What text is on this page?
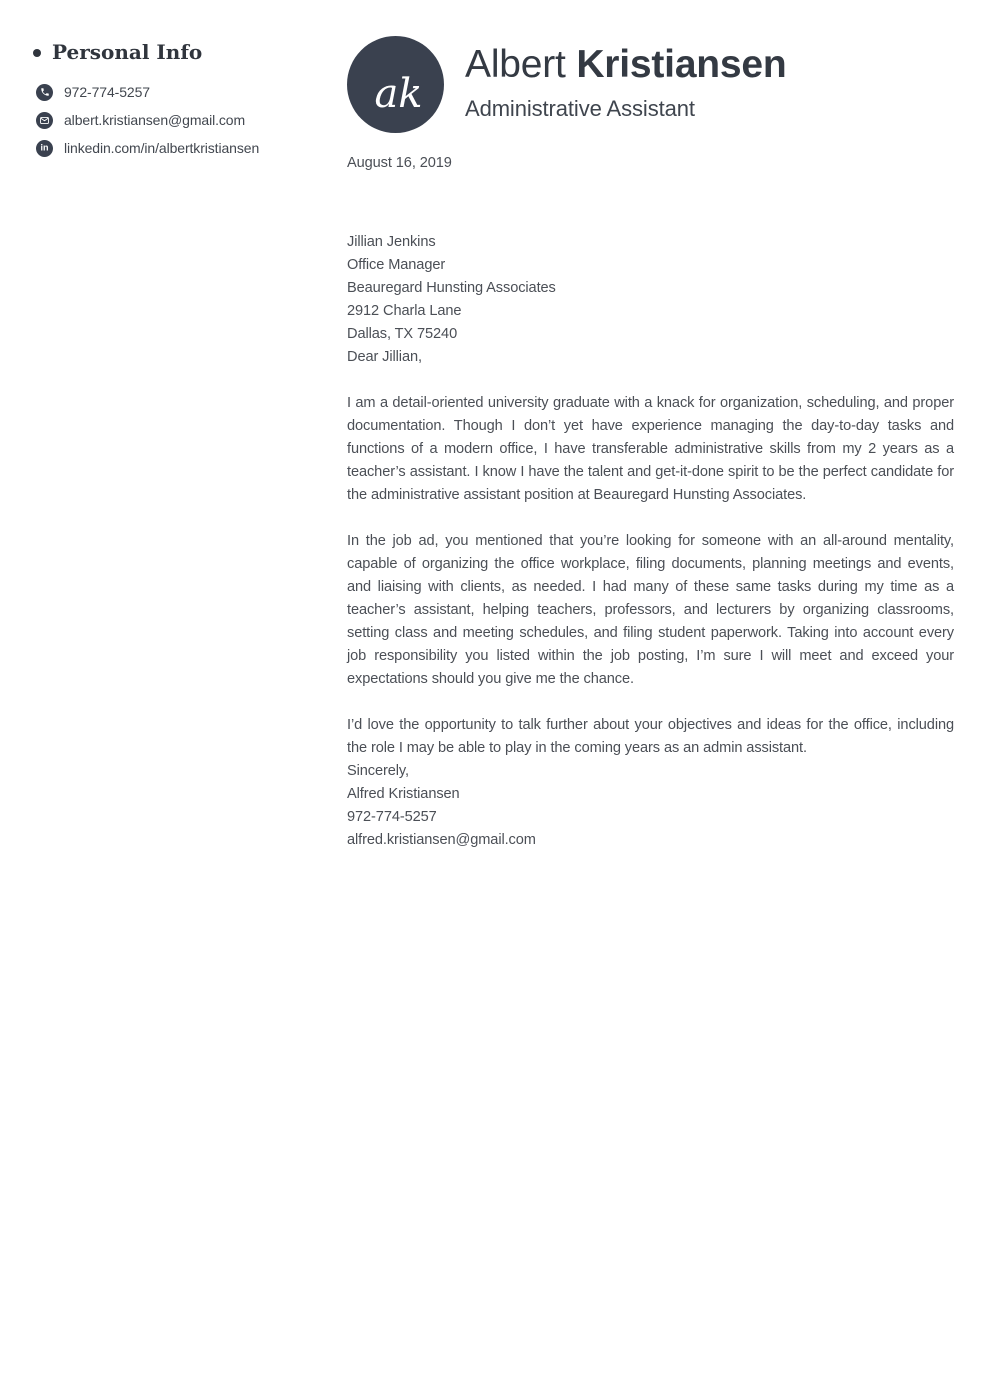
Personal Info
972-774-5257
albert.kristiansen@gmail.com
in linkedin.com/in/albertkristiansen
ak
Albert Kristiansen
Administrative Assistant

August 16, 2019

Jillian Jenkins
Office Manager
Beauregard Hunsting Associates
2912 Charla Lane
Dallas, TX 75240

Dear Jillian,

I am a detail-oriented university graduate with a knack for organization, scheduling, and proper documentation. Though I don’t yet have experience managing the day-to-day tasks and functions of a modern office, I have transferable administrative skills from my 2 years as a teacher’s assistant. I know I have the talent and get-it-done spirit to be the perfect candidate for the administrative assistant position at Beauregard Hunsting Associates.

In the job ad, you mentioned that you’re looking for someone with an all-around mentality, capable of organizing the office workplace, filing documents, planning meetings and events, and liaising with clients, as needed. I had many of these same tasks during my time as a teacher’s assistant, helping teachers, professors, and lecturers by organizing classrooms, setting class and meeting schedules, and filing student paperwork. Taking into account every job responsibility you listed within the job posting, I’m sure I will meet and exceed your expectations should you give me the chance.

I’d love the opportunity to talk further about your objectives and ideas for the office, including the role I may be able to play in the coming years as an admin assistant.

Sincerely,

Alfred Kristiansen

972-774-5257

alfred.kristiansen@gmail.com
